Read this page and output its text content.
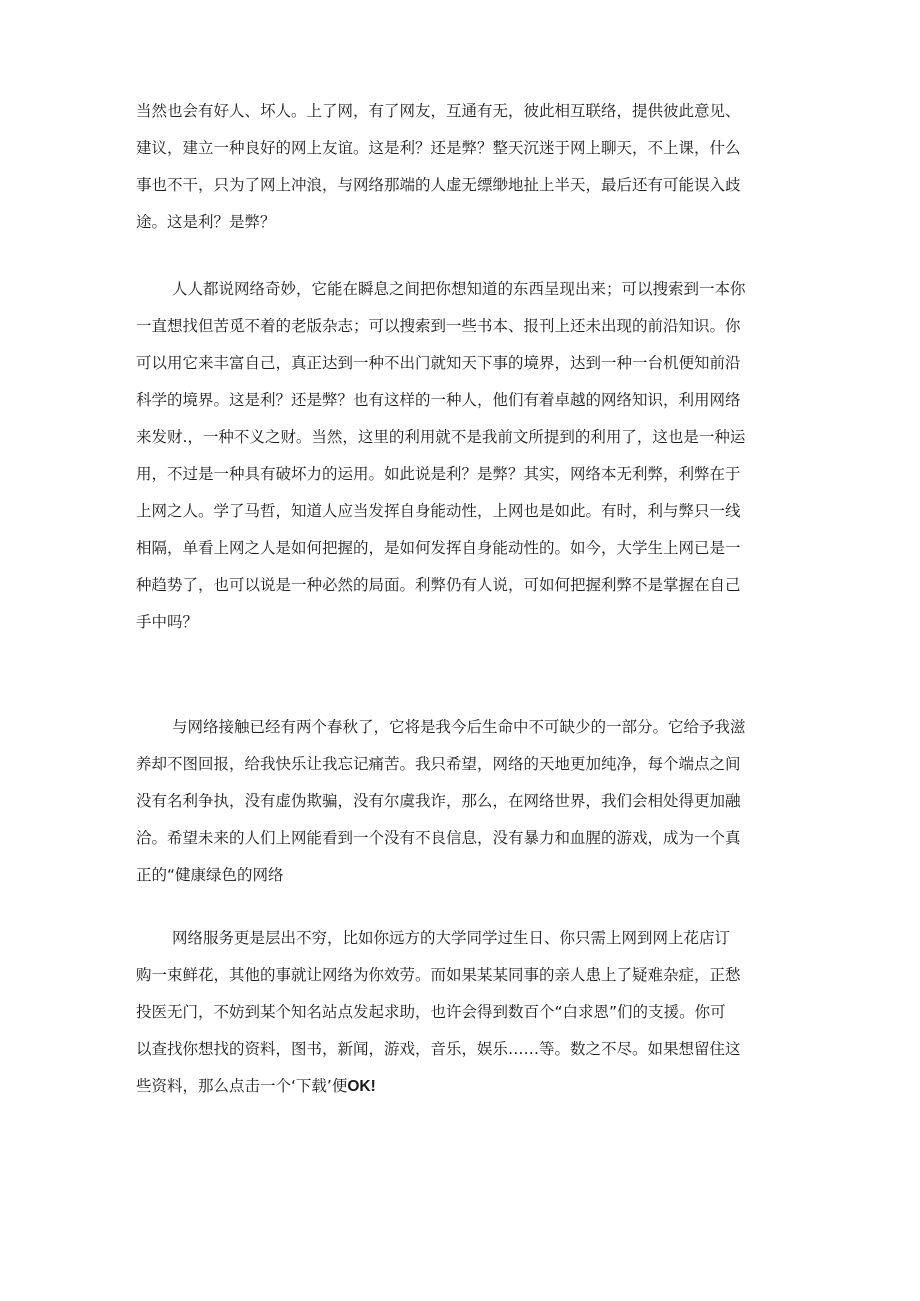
当然也会有好人、坏人。上了网，有了网友，互通有无，彼此相互联络，提供彼此意见、
建议，建立一种良好的网上友谊。这是利？还是弊？整天沉迷于网上聊天，不上课，什么
事也不干，只为了网上冲浪，与网络那端的人虚无缥缈地扯上半天，最后还有可能误入歧
途。这是利？是弊？
人人都说网络奇妙，它能在瞬息之间把你想知道的东西呈现出来；可以搜索到一本你
一直想找但苦觅不着的老版杂志；可以搜索到一些书本、报刊上还未出现的前沿知识。你
可以用它来丰富自己，真正达到一种不出门就知天下事的境界，达到一种一台机便知前沿
科学的境界。这是利？还是弊？也有这样的一种人，他们有着卓越的网络知识，利用网络
来发财.，一种不义之财。当然，这里的利用就不是我前文所提到的利用了，这也是一种运
用，不过是一种具有破坏力的运用。如此说是利？是弊？其实，网络本无利弊，利弊在于
上网之人。学了马哲，知道人应当发挥自身能动性，上网也是如此。有时，利与弊只一线
相隔，单看上网之人是如何把握的，是如何发挥自身能动性的。如今，大学生上网已是一
种趋势了，也可以说是一种必然的局面。利弊仍有人说，可如何把握利弊不是掌握在自己
手中吗？
与网络接触已经有两个春秋了，它将是我今后生命中不可缺少的一部分。它给予我滋
养却不图回报，给我快乐让我忘记痛苦。我只希望，网络的天地更加纯净，每个端点之间
没有名利争执，没有虚伪欺骗，没有尔虞我诈，那么，在网络世界，我们会相处得更加融
洽。希望未来的人们上网能看到一个没有不良信息，没有暴力和血腥的游戏，成为一个真
正的“健康绿色的网络
网络服务更是层出不穷，比如你远方的大学同学过生日、你只需上网到网上花店订
购一束鲜花，其他的事就让网络为你效劳。而如果某某同事的亲人患上了疑难杂症，正愁
投医无门，不妨到某个知名站点发起求助，也许会得到数百个“白求恩”们的支援。你可
以查找你想找的资料，图书，新闻，游戏，音乐，娱乐……等。数之不尽。如果想留住这
些资料，那么点击一个‘下载’便OK!
